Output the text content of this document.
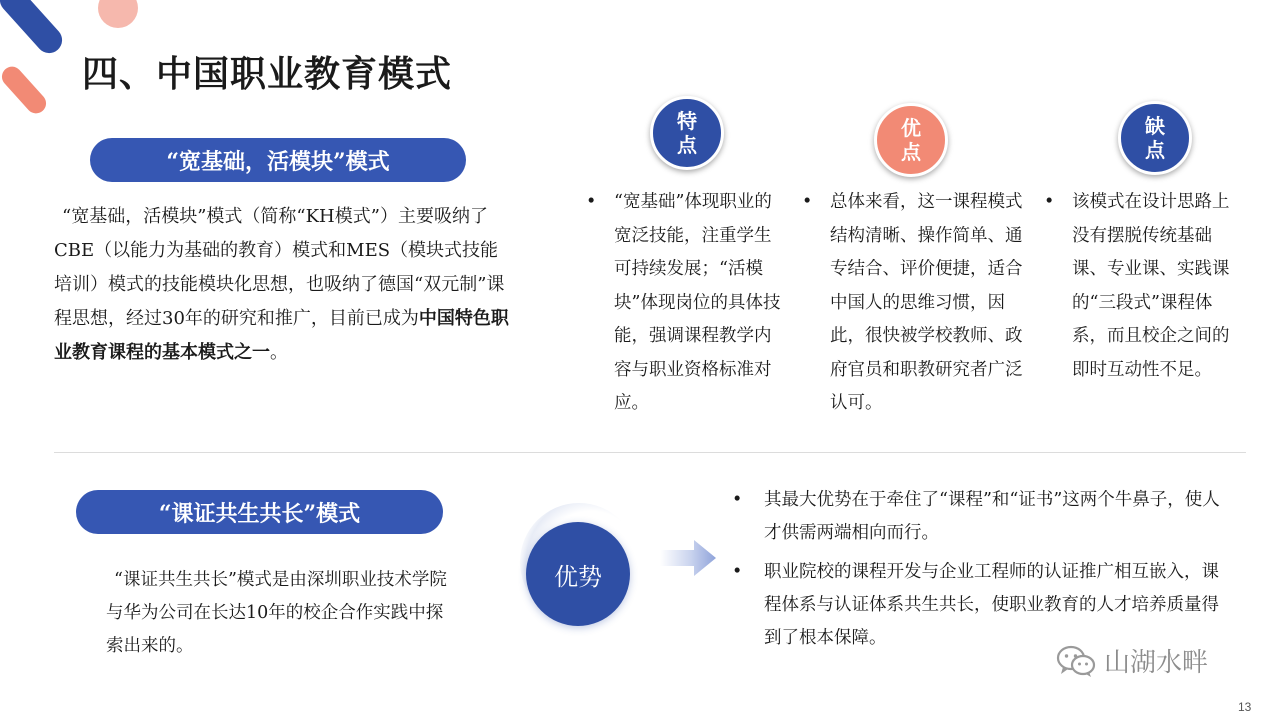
四、中国职业教育模式
“宽基础，活模块”模式
“宽基础，活模块”模式（简称“KH模式”）主要吸纳了CBE（以能力为基础的教育）模式和MES（模块式技能培训）模式的技能模块化思想，也吸纳了德国“双元制”课程思想，经过30年的研究和推广，目前已成为中国特色职业教育课程的基本模式之一。
特
点
优
点
缺
点
• “宽基础”体现职业的宽泛技能，注重学生可持续发展；“活模块”体现岗位的具体技能，强调课程教学内容与职业资格标准对应。
• 总体来看，这一课程模式结构清晰、操作简单、通专结合、评价便捷，适合中国人的思维习惯，因此，很快被学校教师、政府官员和职教研究者广泛认可。
• 该模式在设计思路上没有摆脱传统基础课、专业课、实践课的“三段式”课程体系，而且校企之间的即时互动性不足。
“课证共生共长”模式
“课证共生共长”模式是由深圳职业技术学院与华为公司在长达10年的校企合作实践中探索出来的。
优势
• 其最大优势在于牵住了“课程”和“证书”这两个牛鼻子，使人才供需两端相向而行。
• 职业院校的课程开发与企业工程师的认证推广相互嵌入，课程体系与认证体系共生共长，使职业教育的人才培养质量得到了根本保障。
山湖水畔
13
